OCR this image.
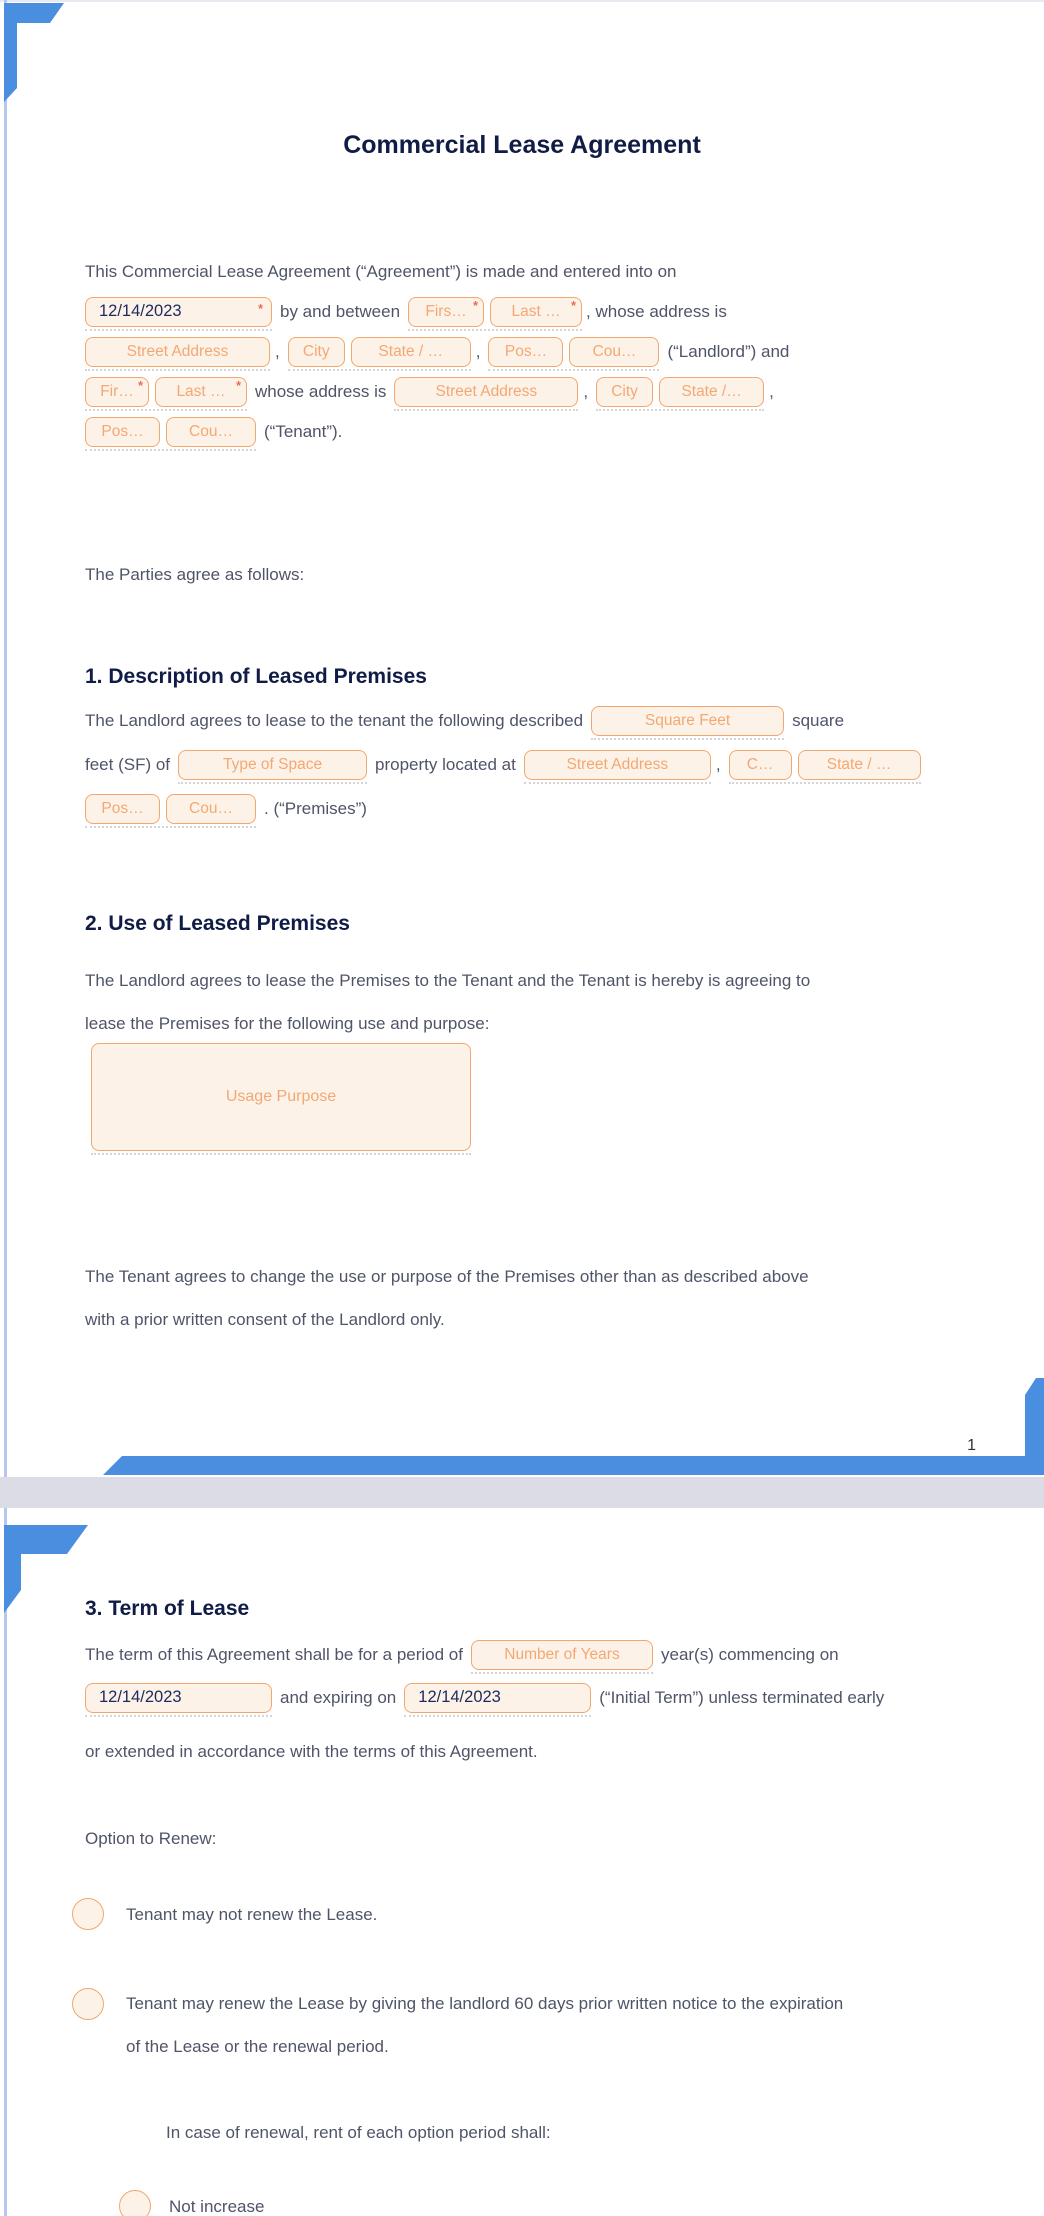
Commercial Lease Agreement
This Commercial Lease Agreement (“Agreement”) is made and entered into on
12/14/2023	* by and between Firs… * Last … * , whose address is
Street Address	, City	State / … , Pos…	Cou… (“Landlord”) and
Fir… * Last … * whose address is	Street Address	, City	State /… ,
Pos…	Cou… (“Tenant”).
The Parties agree as follows:
1. Description of Leased Premises
The Landlord agrees to lease to the tenant the following described	Square Feet	square
feet (SF) of	Type of Space	property located at	Street Address	, C…	State / …
Pos…	Cou… . (“Premises”)
2. Use of Leased Premises
The Landlord agrees to lease the Premises to the Tenant and the Tenant is hereby is agreeing to
lease the Premises for the following use and purpose:
Usage Purpose
The Tenant agrees to change the use or purpose of the Premises other than as described above
with a prior written consent of the Landlord only.
1
3. Term of Lease
The term of this Agreement shall be for a period of	Number of Years year(s) commencing on
12/14/2023	and expiring on 12/14/2023	(“Initial Term”) unless terminated early
or extended in accordance with the terms of this Agreement.
Option to Renew:
Tenant may not renew the Lease.
Tenant may renew the Lease by giving the landlord 60 days prior written notice to the expiration
of the Lease or the renewal period.
In case of renewal, rent of each option period shall:
Not increase
